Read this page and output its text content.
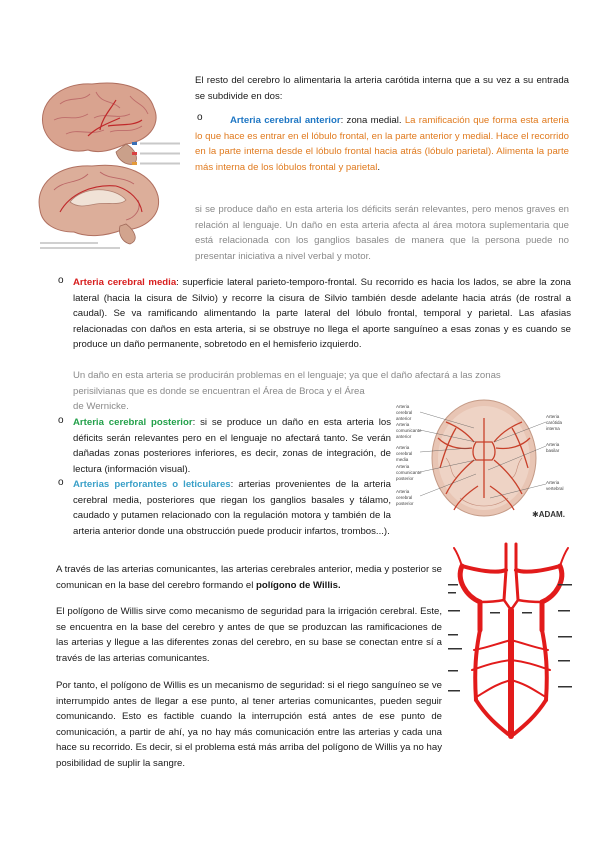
El resto del cerebro lo alimentaria la arteria carótida interna que a su vez a su entrada se subdivide en dos:

o	Arteria cerebral anterior: zona medial. La ramificación que forma esta arteria lo que hace es entrar en el lóbulo frontal, en la parte anterior y medial. Hace el recorrido en la parte interna desde el lóbulo frontal hacia atrás (lóbulo parietal). Alimenta la parte más interna de los lóbulos frontal y parietal.

si se produce daño en esta arteria los déficits serán relevantes, pero menos graves en relación al lenguaje. Un daño en esta arteria afecta al área motora suplementaria que está relacionada con los ganglios basales de manera que la persona puede no presentar iniciativa a nivel verbal y motor.

o Arteria cerebral media: superficie lateral parieto-temporo-frontal. Su recorrido es hacia los lados, se abre la zona lateral (hacia la cisura de Silvio) y recorre la cisura de Silvio también desde adelante hacia atrás (de rostral a caudal). Se va ramificando alimentando la parte lateral del lóbulo frontal, temporal y parietal. Las afasias relacionadas con daños en esta arteria, si se obstruye no llega el aporte sanguíneo a esas zonas y es cuando se produce un daño permanente, sobretodo en el hemisferio izquierdo.

Un daño en esta arteria se producirán problemas en el lenguaje; ya que el daño afectará a las zonas

perisilvianas que es donde se encuentran el Área de Broca y el Área

de Wernicke.

o Arteria cerebral posterior: si se produce un daño en esta arteria los déficits serán relevantes pero en el lenguaje no afectará tanto. Se verán dañadas zonas posteriores inferiores, es decir, zonas de integración, de lectura (información visual).

o Arterias perforantes o leticulares: arterias provenientes de la arteria cerebral media, posteriores que riegan los ganglios basales y tálamo, caudado y putamen relacionado con la regulación motora y también de la arteria anterior donde una obstrucción puede producir infartos, trombos...).

Arteria cerebral anterior
Arteria comunicante anterior
Arteria cerebral media
Arteria comunicante posterior
Arteria cerebral posterior
Arteria carótida interna
Arteria basilar
Arteria vertebral
✱ADAM.

A través de las arterias comunicantes, las arterias cerebrales anterior, media y posterior se comunican en la base del cerebro formando el polígono de Willis.

El polígono de Willis sirve como mecanismo de seguridad para la irrigación cerebral. Este, se encuentra en la base del cerebro y antes de que se produzcan las ramificaciones de las arterias y llegue a las diferentes zonas del cerebro, en su base se conectan entre sí a través de las arterias comunicantes.

Por tanto, el polígono de Willis es un mecanismo de seguridad: si el riego sanguíneo se ve interrumpido antes de llegar a ese punto, al tener arterias comunicantes, pueden seguir comunicando. Esto es factible cuando la interrupción está antes de ese punto de comunicación, a partir de ahí, ya no hay más comunicación entre las arterias y cada una hace su recorrido. Es decir, si el problema está más arriba del polígono de Willis ya no hay posibilidad de suplir la sangre.
